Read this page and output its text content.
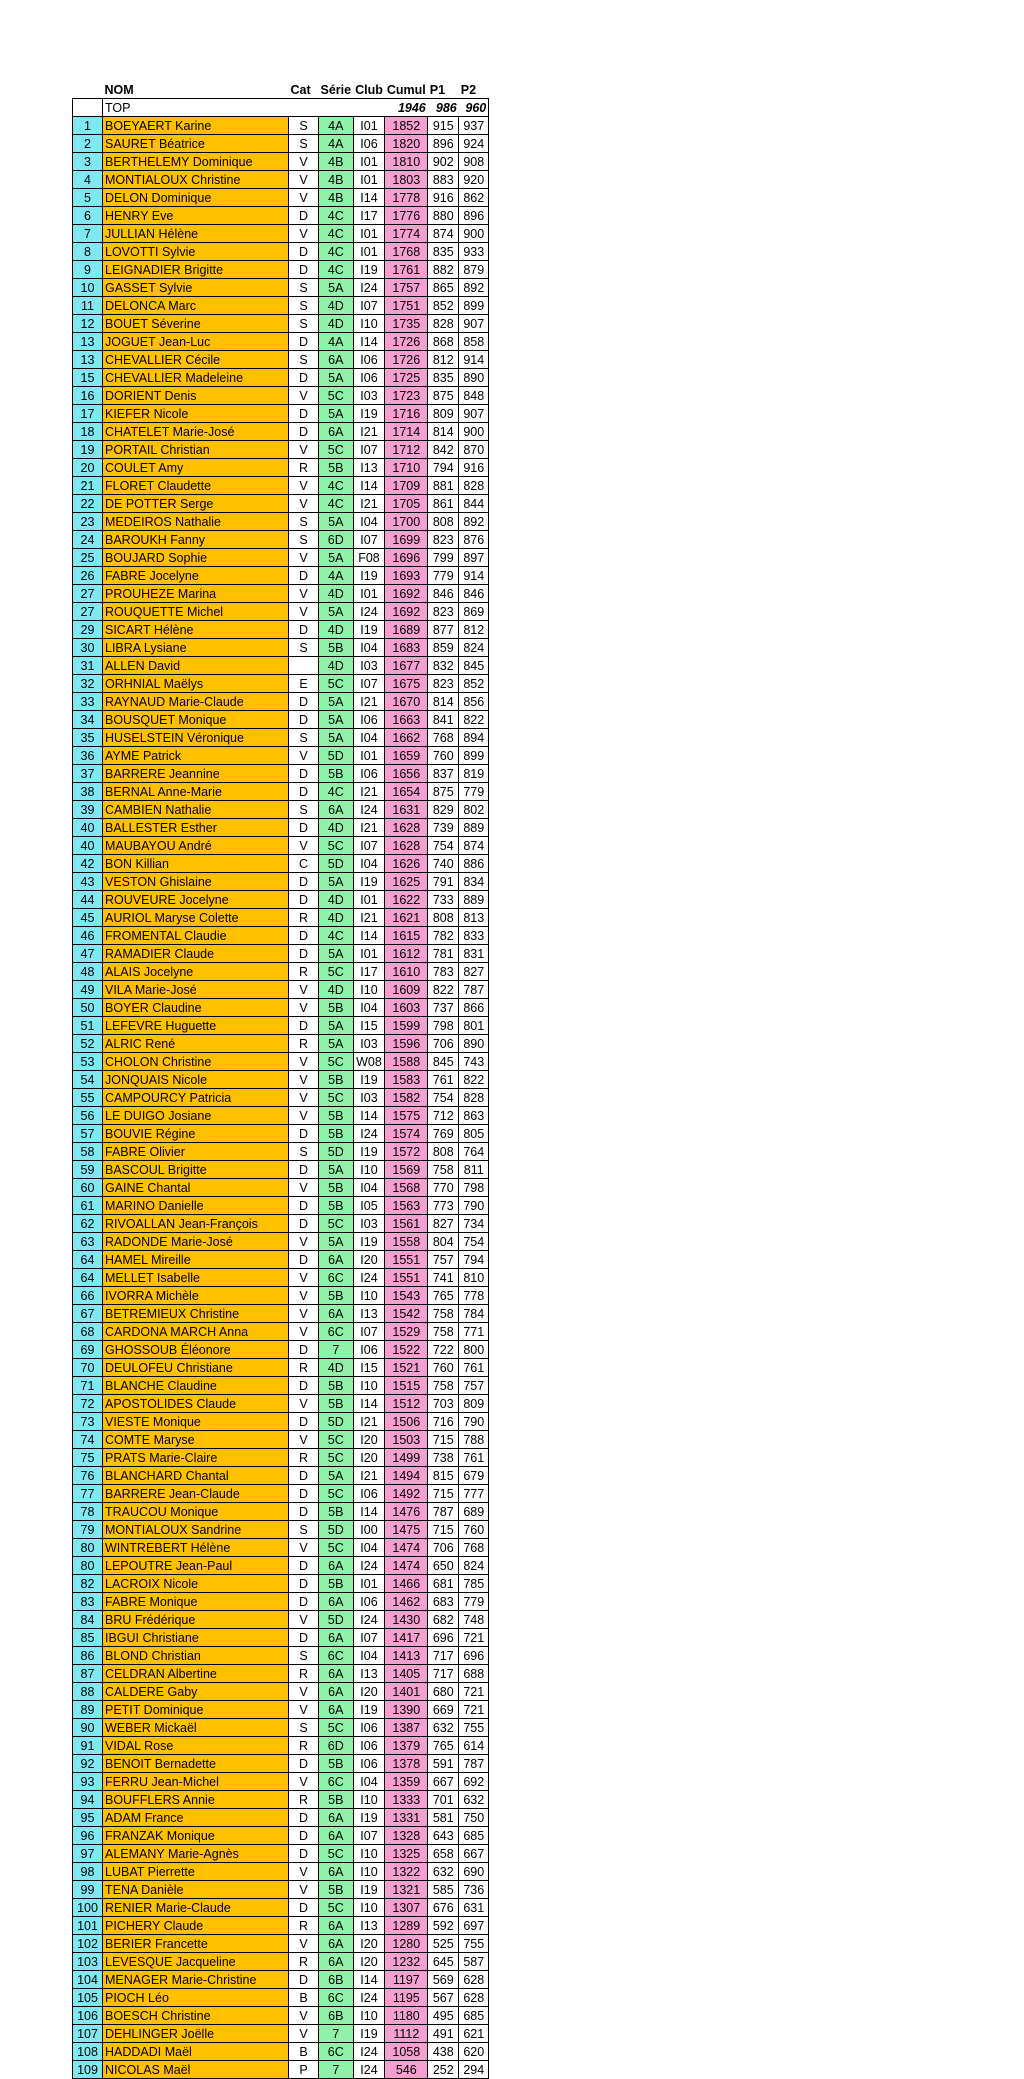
	NOM	Cat	Série	Club	Cumul	P1	P2
	TOP				1946	986	960
1	BOEYAERT Karine	S	4A	I01	1852	915	937
2	SAURET Béatrice	S	4A	I06	1820	896	924
3	BERTHELEMY Dominique	V	4B	I01	1810	902	908
4	MONTIALOUX Christine	V	4B	I01	1803	883	920
5	DELON Dominique	V	4B	I14	1778	916	862
6	HENRY Eve	D	4C	I17	1776	880	896
7	JULLIAN Hélène	V	4C	I01	1774	874	900
8	LOVOTTI Sylvie	D	4C	I01	1768	835	933
9	LEIGNADIER Brigitte	D	4C	I19	1761	882	879
10	GASSET Sylvie	S	5A	I24	1757	865	892
11	DELONCA Marc	S	4D	I07	1751	852	899
12	BOUET Séverine	S	4D	I10	1735	828	907
13	JOGUET Jean-Luc	D	4A	I14	1726	868	858
13	CHEVALLIER Cécile	S	6A	I06	1726	812	914
15	CHEVALLIER Madeleine	D	5A	I06	1725	835	890
16	DORIENT Denis	V	5C	I03	1723	875	848
17	KIEFER Nicole	D	5A	I19	1716	809	907
18	CHATELET Marie-José	D	6A	I21	1714	814	900
19	PORTAIL Christian	V	5C	I07	1712	842	870
20	COULET Amy	R	5B	I13	1710	794	916
21	FLORET Claudette	V	4C	I14	1709	881	828
22	DE POTTER Serge	V	4C	I21	1705	861	844
23	MEDEIROS Nathalie	S	5A	I04	1700	808	892
24	BAROUKH Fanny	S	6D	I07	1699	823	876
25	BOUJARD Sophie	V	5A	F08	1696	799	897
26	FABRE Jocelyne	D	4A	I19	1693	779	914
27	PROUHEZE Marina	V	4D	I01	1692	846	846
27	ROUQUETTE Michel	V	5A	I24	1692	823	869
29	SICART Hélène	D	4D	I19	1689	877	812
30	LIBRA Lysiane	S	5B	I04	1683	859	824
31	ALLEN David		4D	I03	1677	832	845
32	ORHNIAL Maëlys	E	5C	I07	1675	823	852
33	RAYNAUD Marie-Claude	D	5A	I21	1670	814	856
34	BOUSQUET Monique	D	5A	I06	1663	841	822
35	HUSELSTEIN Véronique	S	5A	I04	1662	768	894
36	AYME Patrick	V	5D	I01	1659	760	899
37	BARRERE Jeannine	D	5B	I06	1656	837	819
38	BERNAL Anne-Marie	D	4C	I21	1654	875	779
39	CAMBIEN Nathalie	S	6A	I24	1631	829	802
40	BALLESTER Esther	D	4D	I21	1628	739	889
40	MAUBAYOU André	V	5C	I07	1628	754	874
42	BON Killian	C	5D	I04	1626	740	886
43	VESTON Ghislaine	D	5A	I19	1625	791	834
44	ROUVEURE Jocelyne	D	4D	I01	1622	733	889
45	AURIOL Maryse Colette	R	4D	I21	1621	808	813
46	FROMENTAL Claudie	D	4C	I14	1615	782	833
47	RAMADIER Claude	D	5A	I01	1612	781	831
48	ALAIS Jocelyne	R	5C	I17	1610	783	827
49	VILA Marie-José	V	4D	I10	1609	822	787
50	BOYER Claudine	V	5B	I04	1603	737	866
51	LEFEVRE Huguette	D	5A	I15	1599	798	801
52	ALRIC René	R	5A	I03	1596	706	890
53	CHOLON Christine	V	5C	W08	1588	845	743
54	JONQUAIS Nicole	V	5B	I19	1583	761	822
55	CAMPOURCY Patricia	V	5C	I03	1582	754	828
56	LE DUIGO Josiane	V	5B	I14	1575	712	863
57	BOUVIE Régine	D	5B	I24	1574	769	805
58	FABRE Olivier	S	5D	I19	1572	808	764
59	BASCOUL Brigitte	D	5A	I10	1569	758	811
60	GAINE Chantal	V	5B	I04	1568	770	798
61	MARINO Danielle	D	5B	I05	1563	773	790
62	RIVOALLAN Jean-François	D	5C	I03	1561	827	734
63	RADONDE Marie-José	V	5A	I19	1558	804	754
64	HAMEL Mireille	D	6A	I20	1551	757	794
64	MELLET Isabelle	V	6C	I24	1551	741	810
66	IVORRA Michèle	V	5B	I10	1543	765	778
67	BETREMIEUX Christine	V	6A	I13	1542	758	784
68	CARDONA MARCH Anna	V	6C	I07	1529	758	771
69	GHOSSOUB Éléonore	D	7	I06	1522	722	800
70	DEULOFEU Christiane	R	4D	I15	1521	760	761
71	BLANCHE Claudine	D	5B	I10	1515	758	757
72	APOSTOLIDES Claude	V	5B	I14	1512	703	809
73	VIESTE Monique	D	5D	I21	1506	716	790
74	COMTE Maryse	V	5C	I20	1503	715	788
75	PRATS Marie-Claire	R	5C	I20	1499	738	761
76	BLANCHARD Chantal	D	5A	I21	1494	815	679
77	BARRERE Jean-Claude	D	5C	I06	1492	715	777
78	TRAUCOU Monique	D	5B	I14	1476	787	689
79	MONTIALOUX Sandrine	S	5D	I00	1475	715	760
80	WINTREBERT Hélène	V	5C	I04	1474	706	768
80	LEPOUTRE Jean-Paul	D	6A	I24	1474	650	824
82	LACROIX Nicole	D	5B	I01	1466	681	785
83	FABRE Monique	D	6A	I06	1462	683	779
84	BRU Frédérique	V	5D	I24	1430	682	748
85	IBGUI Christiane	D	6A	I07	1417	696	721
86	BLOND Christian	S	6C	I04	1413	717	696
87	CELDRAN Albertine	R	6A	I13	1405	717	688
88	CALDERE Gaby	V	6A	I20	1401	680	721
89	PETIT Dominique	V	6A	I19	1390	669	721
90	WEBER Mickaël	S	5C	I06	1387	632	755
91	VIDAL Rose	R	6D	I06	1379	765	614
92	BENOIT Bernadette	D	5B	I06	1378	591	787
93	FERRU Jean-Michel	V	6C	I04	1359	667	692
94	BOUFFLERS Annie	R	5B	I10	1333	701	632
95	ADAM France	D	6A	I19	1331	581	750
96	FRANZAK Monique	D	6A	I07	1328	643	685
97	ALEMANY Marie-Agnès	D	5C	I10	1325	658	667
98	LUBAT Pierrette	V	6A	I10	1322	632	690
99	TENA Danièle	V	5B	I19	1321	585	736
100	RENIER Marie-Claude	D	5C	I10	1307	676	631
101	PICHERY Claude	R	6A	I13	1289	592	697
102	BERIER Francette	V	6A	I20	1280	525	755
103	LEVESQUE Jacqueline	R	6A	I20	1232	645	587
104	MENAGER Marie-Christine	D	6B	I14	1197	569	628
105	PIOCH Léo	B	6C	I24	1195	567	628
106	BOESCH Christine	V	6B	I10	1180	495	685
107	DEHLINGER Joëlle	V	7	I19	1112	491	621
108	HADDADI Maël	B	6C	I24	1058	438	620
109	NICOLAS Maël	P	7	I24	546	252	294
